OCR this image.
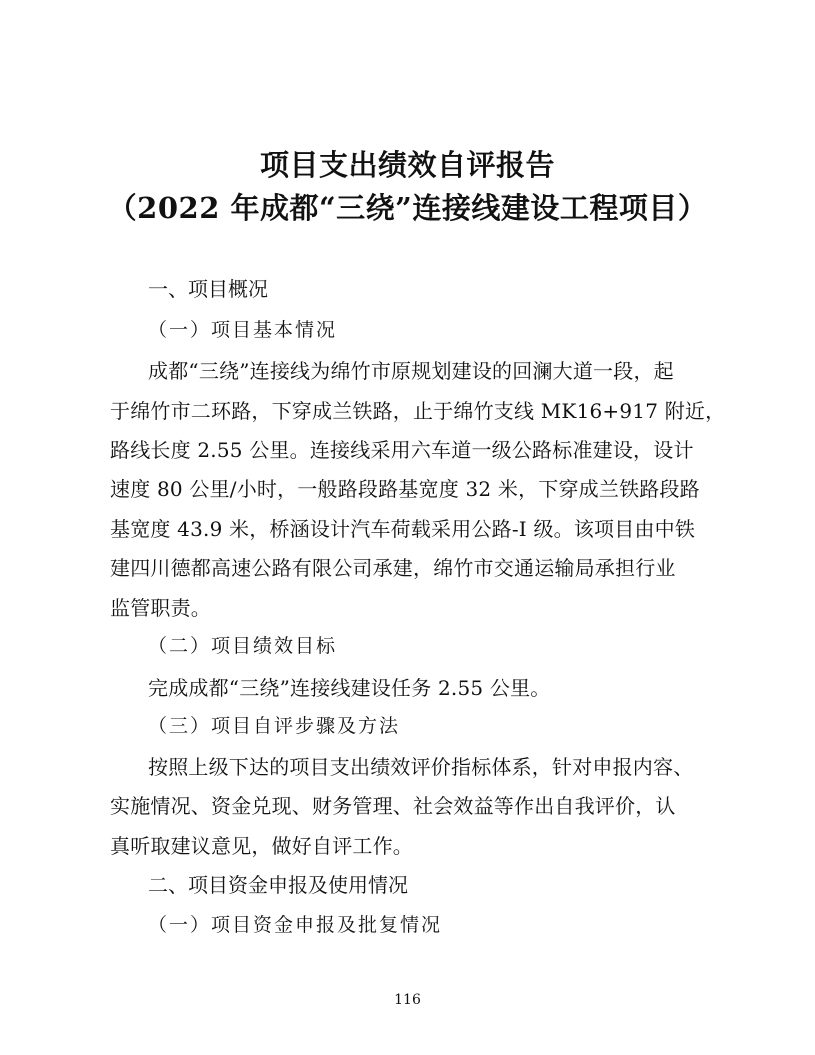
项目支出绩效自评报告
（2022 年成都“三绕”连接线建设工程项目）
一、项目概况
（一）项目基本情况
成都“三绕”连接线为绵竹市原规划建设的回澜大道一段，起
于绵竹市二环路，下穿成兰铁路，止于绵竹支线 MK16+917 附近，
路线长度 2.55 公里。连接线采用六车道一级公路标准建设，设计
速度 80 公里/小时，一般路段路基宽度 32 米，下穿成兰铁路段路
基宽度 43.9 米，桥涵设计汽车荷载采用公路-I 级。该项目由中铁
建四川德都高速公路有限公司承建，绵竹市交通运输局承担行业
监管职责。
（二）项目绩效目标
完成成都“三绕”连接线建设任务 2.55 公里。
（三）项目自评步骤及方法
按照上级下达的项目支出绩效评价指标体系，针对申报内容、
实施情况、资金兑现、财务管理、社会效益等作出自我评价，认
真听取建议意见，做好自评工作。
二、项目资金申报及使用情况
（一）项目资金申报及批复情况
116
